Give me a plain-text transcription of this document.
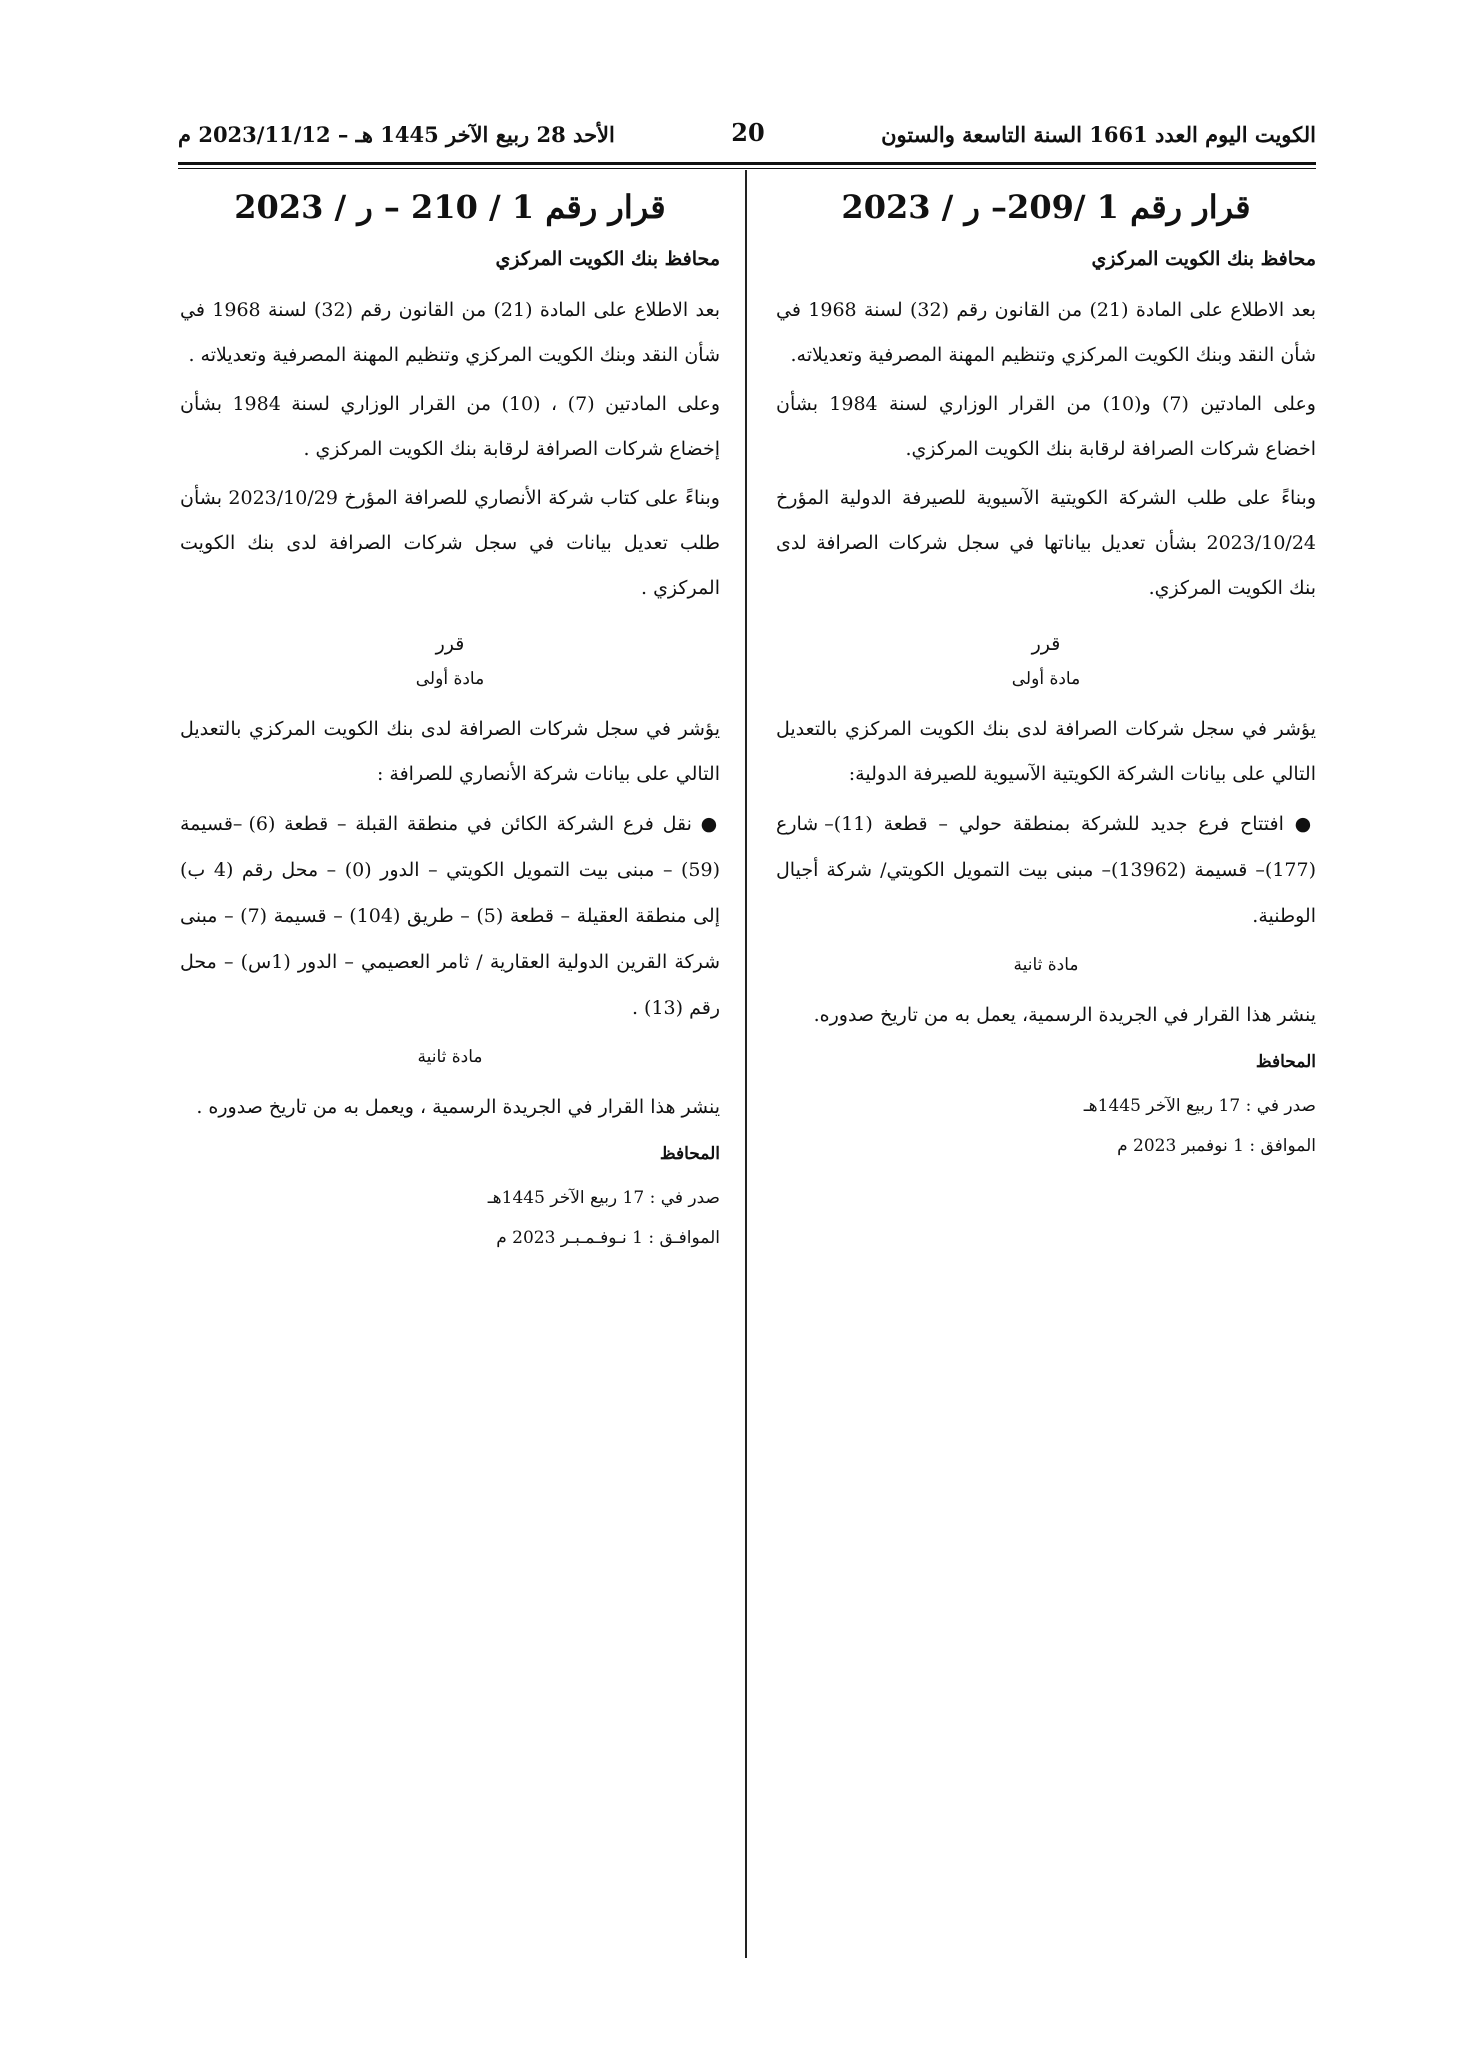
الكويت اليوم العدد 1661 السنة التاسعة والستون
20
الأحد 28 ربيع الآخر 1445 هـ – 2023/11/12 م
قرار رقم 1 /209– ر / 2023
محافظ بنك الكويت المركزي

بعد الاطلاع على المادة (21) من القانون رقم (32) لسنة 1968 في شأن النقد وبنك الكويت المركزي وتنظيم المهنة المصرفية وتعديلاته.

وعلى المادتين (7) و(10) من القرار الوزاري لسنة 1984 بشأن اخضاع شركات الصرافة لرقابة بنك الكويت المركزي.

وبناءً على طلب الشركة الكويتية الآسيوية للصيرفة الدولية المؤرخ 2023/10/24 بشأن تعديل بياناتها في سجل شركات الصرافة لدى بنك الكويت المركزي.

قرر
مادة أولى

يؤشر في سجل شركات الصرافة لدى بنك الكويت المركزي بالتعديل التالي على بيانات الشركة الكويتية الآسيوية للصيرفة الدولية:

● افتتاح فرع جديد للشركة بمنطقة حولي – قطعة (11)– شارع (177)– قسيمة (13962)– مبنى بيت التمويل الكويتي/ شركة أجيال الوطنية.

مادة ثانية

ينشر هذا القرار في الجريدة الرسمية، يعمل به من تاريخ صدوره.

المحافظ
صدر في : 17 ربيع الآخر 1445هـ
الموافق : 1 نوفمبر 2023 م
قرار رقم 1 / 210 – ر / 2023
محافظ بنك الكويت المركزي

بعد الاطلاع على المادة (21) من القانون رقم (32) لسنة 1968 في شأن النقد وبنك الكويت المركزي وتنظيم المهنة المصرفية وتعديلاته .

وعلى المادتين (7) ، (10) من القرار الوزاري لسنة 1984 بشأن إخضاع شركات الصرافة لرقابة بنك الكويت المركزي .

وبناءً على كتاب شركة الأنصاري للصرافة المؤرخ 2023/10/29 بشأن طلب تعديل بيانات في سجل شركات الصرافة لدى بنك الكويت المركزي .

قرر
مادة أولى

يؤشر في سجل شركات الصرافة لدى بنك الكويت المركزي بالتعديل التالي على بيانات شركة الأنصاري للصرافة :

● نقل فرع الشركة الكائن في منطقة القبلة – قطعة (6) –قسيمة (59) – مبنى بيت التمويل الكويتي – الدور (0) – محل رقم (4 ب) إلى منطقة العقيلة – قطعة (5) – طريق (104) – قسيمة (7) – مبنى شركة القرين الدولية العقارية / ثامر العصيمي – الدور (1س) – محل رقم (13) .

مادة ثانية

ينشر هذا القرار في الجريدة الرسمية ، ويعمل به من تاريخ صدوره .

المحافظ
صدر في : 17 ربيع الآخر 1445هـ
الموافـق : 1 نـوفـمـبـر 2023 م
